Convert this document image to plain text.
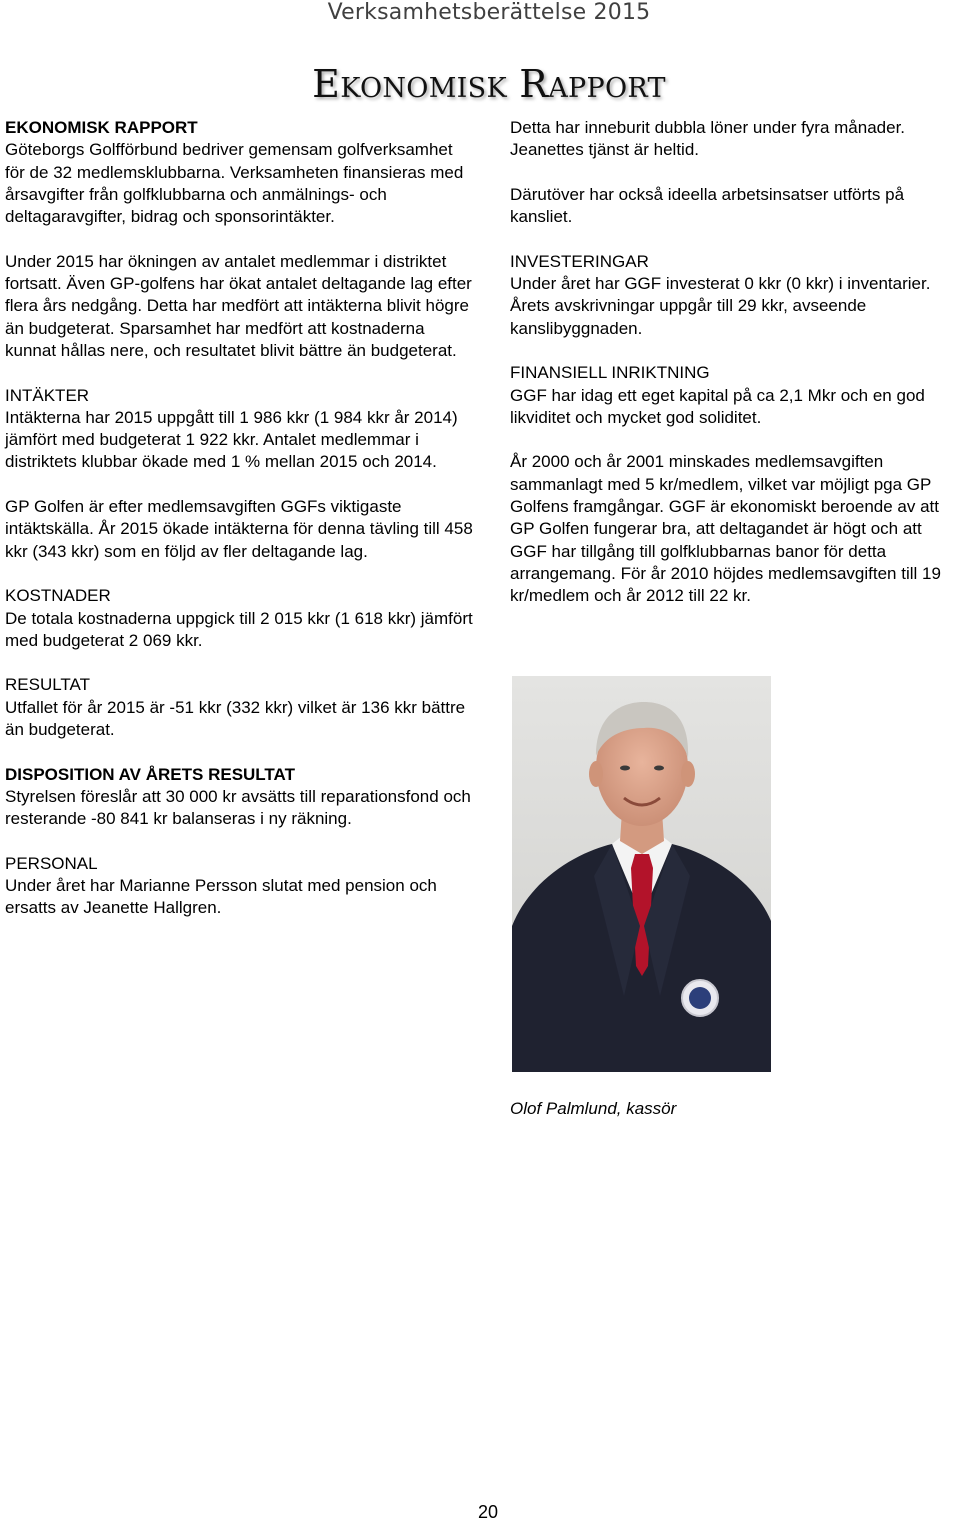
Verksamhetsberättelse 2015
Ekonomisk Rapport

EKONOMISK RAPPORT
Göteborgs Golfförbund bedriver gemensam golfverksamhet för de 32 medlemsklubbarna. Verksamheten finansieras med årsavgifter från golfklubbarna och anmälnings- och deltagaravgifter, bidrag och sponsorintäkter.

Under 2015 har ökningen av antalet medlemmar i distriktet fortsatt. Även GP-golfens har ökat antalet deltagande lag efter flera års nedgång. Detta har medfört att intäkterna blivit högre än budgeterat. Sparsamhet har medfört att kostnaderna kunnat hållas nere, och resultatet blivit bättre än budgeterat.

INTÄKTER
Intäkterna har 2015 uppgått till 1 986 kkr (1 984 kkr år 2014) jämfört med budgeterat 1 922 kkr. Antalet medlemmar i distriktets klubbar ökade med 1 % mellan 2015 och 2014.

GP Golfen är efter medlemsavgiften GGFs viktigaste intäktskälla. År 2015 ökade intäkterna för denna tävling till 458 kkr (343 kkr) som en följd av fler deltagande lag.

KOSTNADER
De totala kostnaderna uppgick till 2 015 kkr (1 618 kkr) jämfört med budgeterat 2 069 kkr.

RESULTAT
Utfallet för år 2015 är -51 kkr (332 kkr) vilket är 136 kkr bättre än budgeterat.

DISPOSITION AV ÅRETS RESULTAT
Styrelsen föreslår att 30 000 kr avsätts till reparationsfond och resterande -80 841 kr balanseras i ny räkning.

PERSONAL
Under året har Marianne Persson slutat med pension och ersatts av Jeanette Hallgren.

Detta har inneburit dubbla löner under fyra månader. Jeanettes tjänst är heltid.

Därutöver har också ideella arbetsinsatser utförts på kansliet.

INVESTERINGAR
Under året har GGF investerat 0 kkr (0 kkr) i inventarier. Årets avskrivningar uppgår till 29 kkr, avseende kanslibyggnaden.

FINANSIELL INRIKTNING
GGF har idag ett eget kapital på ca 2,1 Mkr och en god likviditet och mycket god soliditet.

År 2000 och år 2001 minskades medlemsavgiften sammanlagt med 5 kr/medlem, vilket var möjligt pga GP Golfens framgångar. GGF är ekonomiskt beroende av att GP Golfen fungerar bra, att deltagandet är högt och att GGF har tillgång till golfklubbarnas banor för detta arrangemang. För år 2010 höjdes medlemsavgiften till 19 kr/medlem och år 2012 till 22 kr.

Olof Palmlund, kassör
20
